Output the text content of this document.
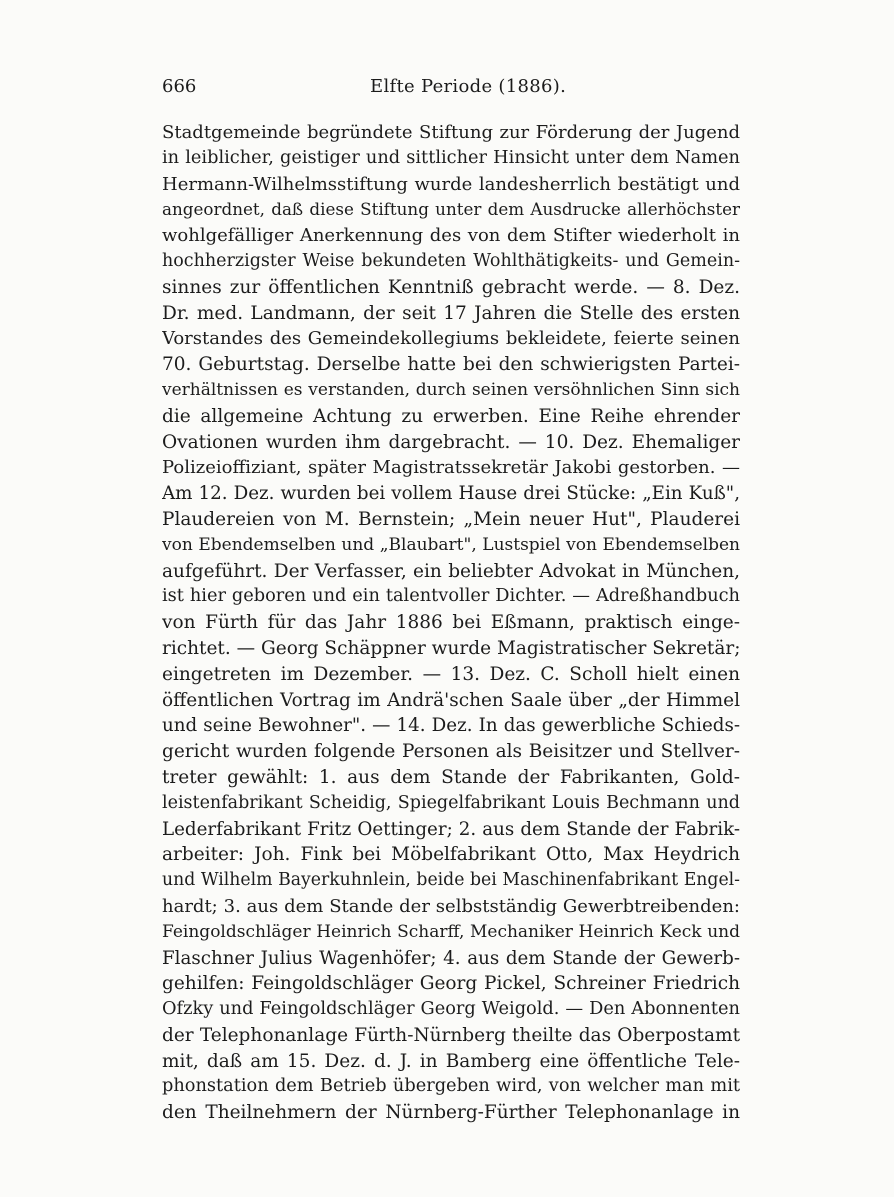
666	Elfte Periode (1886).
Stadtgemeinde begründete Stiftung zur Förderung der Jugend
in leiblicher, geistiger und sittlicher Hinsicht unter dem Namen
Hermann-Wilhelmsstiftung wurde landesherrlich bestätigt und
angeordnet, daß diese Stiftung unter dem Ausdrucke allerhöchster
wohlgefälliger Anerkennung des von dem Stifter wiederholt in
hochherzigster Weise bekundeten Wohlthätigkeits- und Gemein-
sinnes zur öffentlichen Kenntniß gebracht werde. — 8. Dez.
Dr. med. Landmann, der seit 17 Jahren die Stelle des ersten
Vorstandes des Gemeindekollegiums bekleidete, feierte seinen
70. Geburtstag. Derselbe hatte bei den schwierigsten Partei-
verhältnissen es verstanden, durch seinen versöhnlichen Sinn sich
die allgemeine Achtung zu erwerben. Eine Reihe ehrender
Ovationen wurden ihm dargebracht. — 10. Dez. Ehemaliger
Polizeioffiziant, später Magistratssekretär Jakobi gestorben. —
Am 12. Dez. wurden bei vollem Hause drei Stücke: „Ein Kuß",
Plaudereien von M. Bernstein; „Mein neuer Hut", Plauderei
von Ebendemselben und „Blaubart", Lustspiel von Ebendemselben
aufgeführt. Der Verfasser, ein beliebter Advokat in München,
ist hier geboren und ein talentvoller Dichter. — Adreßhandbuch
von Fürth für das Jahr 1886 bei Eßmann, praktisch einge-
richtet. — Georg Schäppner wurde Magistratischer Sekretär;
eingetreten im Dezember. — 13. Dez. C. Scholl hielt einen
öffentlichen Vortrag im Andrä'schen Saale über „der Himmel
und seine Bewohner". — 14. Dez. In das gewerbliche Schieds-
gericht wurden folgende Personen als Beisitzer und Stellver-
treter gewählt: 1. aus dem Stande der Fabrikanten, Gold-
leistenfabrikant Scheidig, Spiegelfabrikant Louis Bechmann und
Lederfabrikant Fritz Oettinger; 2. aus dem Stande der Fabrik-
arbeiter: Joh. Fink bei Möbelfabrikant Otto, Max Heydrich
und Wilhelm Bayerkuhnlein, beide bei Maschinenfabrikant Engel-
hardt; 3. aus dem Stande der selbstständig Gewerbtreibenden:
Feingoldschläger Heinrich Scharff, Mechaniker Heinrich Keck und
Flaschner Julius Wagenhöfer; 4. aus dem Stande der Gewerb-
gehilfen: Feingoldschläger Georg Pickel, Schreiner Friedrich
Ofzky und Feingoldschläger Georg Weigold. — Den Abonnenten
der Telephonanlage Fürth-Nürnberg theilte das Oberpostamt
mit, daß am 15. Dez. d. J. in Bamberg eine öffentliche Tele-
phonstation dem Betrieb übergeben wird, von welcher man mit
den Theilnehmern der Nürnberg-Fürther Telephonanlage in
